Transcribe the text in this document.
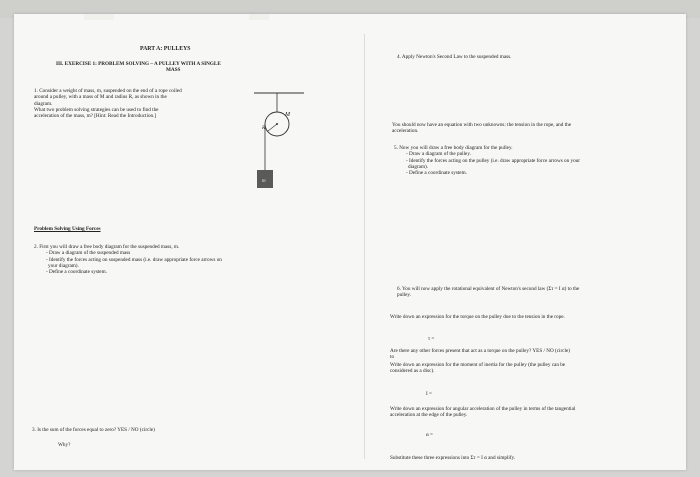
PART A: PULLEYS
III. EXERCISE 1: PROBLEM SOLVING – A PULLEY WITH A SINGLE
MASS
1. Consider a weight of mass, m, suspended on the end of a rope coiled
around a pulley, with a mass of M and radius R, as shown in the
diagram.
What two problem solving strategies can be used to find the
acceleration of the mass, m? [Hint: Read the Introduction.]	M
R
m
Problem Solving Using Forces
2. First you will draw a free body diagram for the suspended mass, m.
- Draw a diagram of the suspended mass
- Identify the forces acting on suspended mass (i.e. draw appropriate force arrows on
your diagram).
- Define a coordinate system.
3. Is the sum of the forces equal to zero? YES / NO (circle)
Why?
4. Apply Newton's Second Law to the suspended mass.
You should now have an equation with two unknowns: the tension in the rope, and the
acceleration.
5. Now you will draw a free body diagram for the pulley.
- Draw a diagram of the pulley.
- Identify the forces acting on the pulley (i.e. draw appropriate force arrows on your
diagram).
- Define a coordinate system.
6. You will now apply the rotational equivalent of Newton's second law (Στ = I α) to the
pulley.
Write down an expression for the torque on the pulley due to the tension in the rope.
τ =
Are there any other forces present that act as a torque on the pulley? YES / NO (circle)
to
Write down an expression for the moment of inertia for the pulley (the pulley can be
considered as a disc).
I =
Write down an expression for angular acceleration of the pulley in terms of the tangential
acceleration at the edge of the pulley.
α =
Substitute these three expressions into Στ = I α and simplify.
